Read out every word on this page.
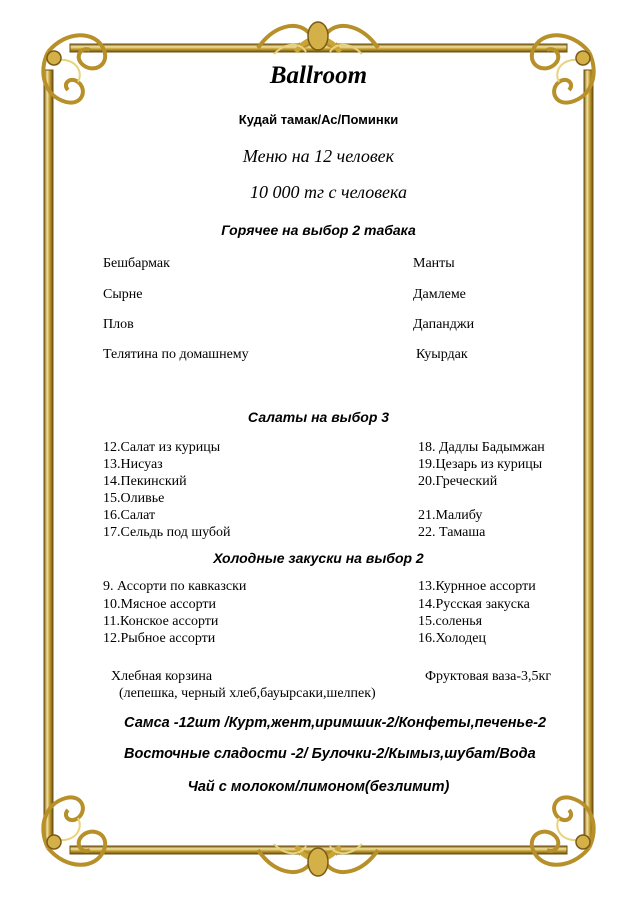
Ballroom
Кудай тамак/Ас/Поминки
Меню на 12 человек
10 000 тг с человека
Горячее на выбор 2 табака
Бешбармак
Сырне
Плов
Телятина по домашнему
Манты
Дамлеме
Дапанджи
Куырдак
Салаты на выбор 3
12.Салат из курицы
13.Нисуаз
14.Пекинский
15.Оливье
16.Салат
17.Сельдь под шубой
18. Дадлы Бадымжан
19.Цезарь из курицы
20.Греческий
21.Малибу
22. Тамаша
Холодные закуски на выбор 2
9. Ассорти по кавказски
10.Мясное ассорти
11.Конское ассорти
12.Рыбное ассорти
13.Курнное ассорти
14.Русская закуска
15.соленья
16.Холодец
Хлебная корзина
(лепешка, черный хлеб,бауырсаки,шелпек)
Фруктовая ваза-3,5кг
Самса -12шт /Курт,жент,иримшик-2/Конфеты,печенье-2
Восточные сладости -2/ Булочки-2/Кымыз,шубат/Вода
Чай с молоком/лимоном(безлимит)
